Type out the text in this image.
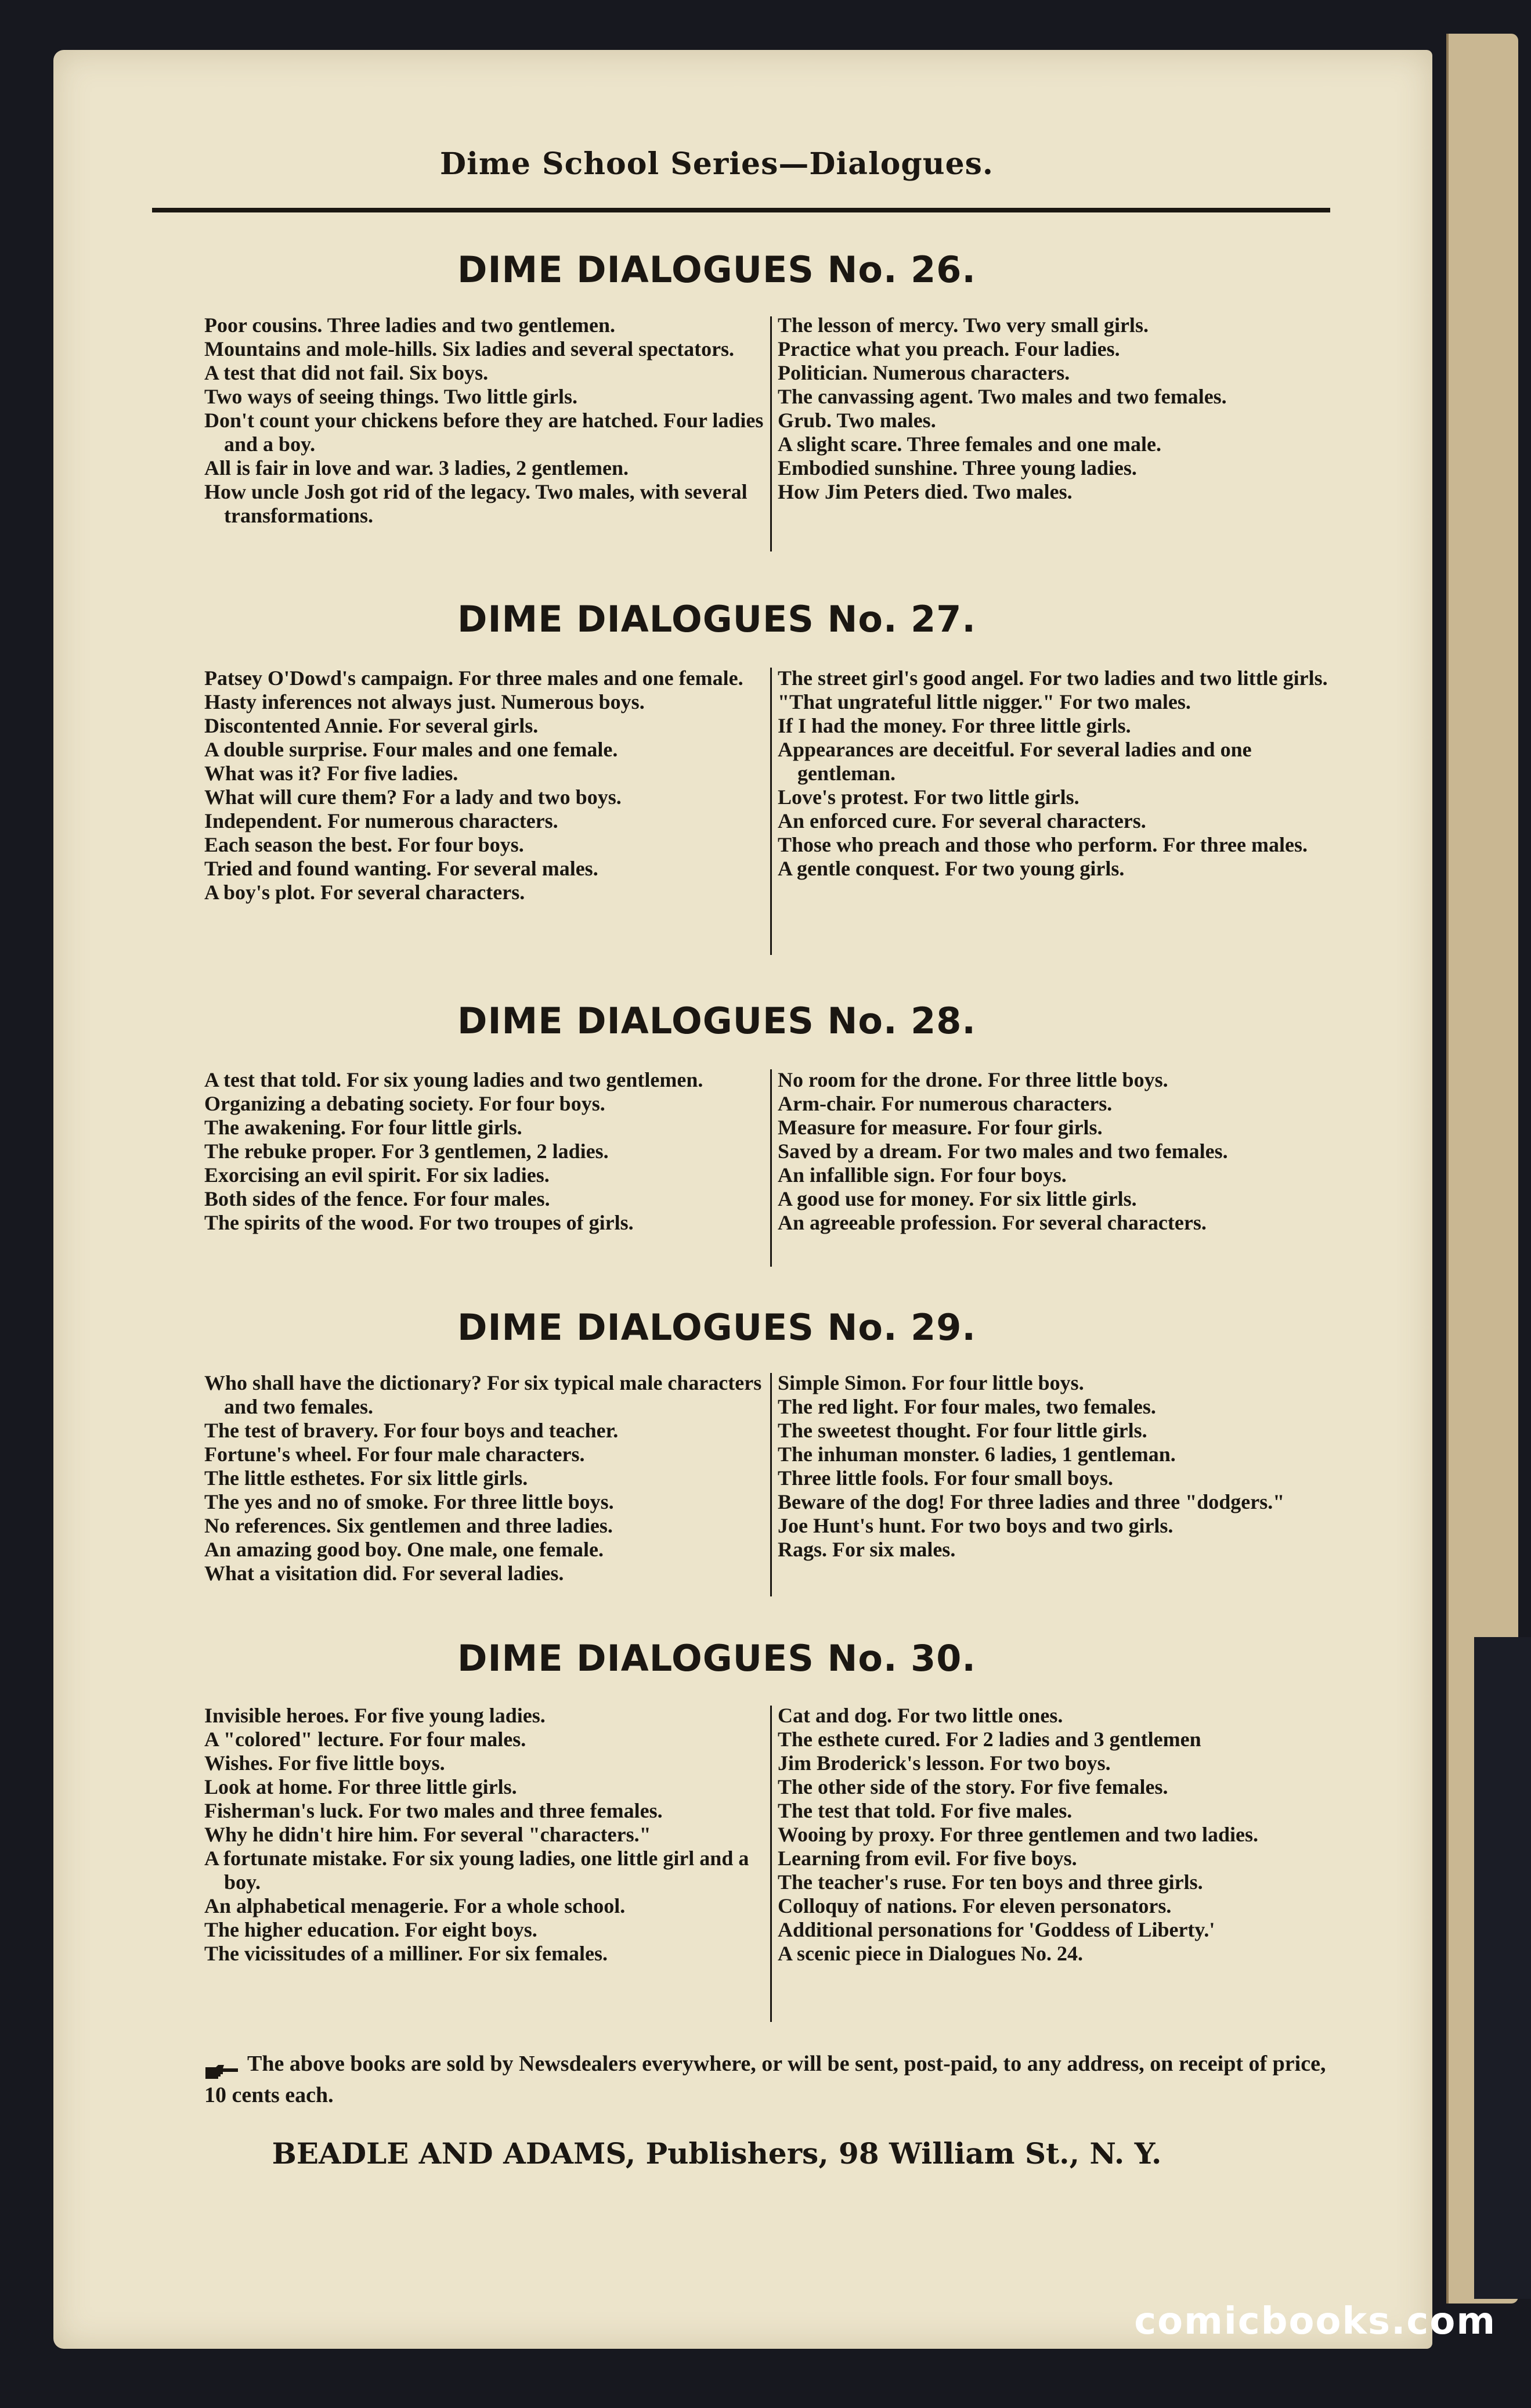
Dime School Series—Dialogues.
DIME DIALOGUES No. 26.
Poor cousins. Three ladies and two gentlemen.
Mountains and mole-hills. Six ladies and several spectators.
A test that did not fail. Six boys.
Two ways of seeing things. Two little girls.
Don't count your chickens before they are hatched. Four ladies and a boy.
All is fair in love and war. 3 ladies, 2 gentlemen.
How uncle Josh got rid of the legacy. Two males, with several transformations.
The lesson of mercy. Two very small girls.
Practice what you preach. Four ladies.
Politician. Numerous characters.
The canvassing agent. Two males and two females.
Grub. Two males.
A slight scare. Three females and one male.
Embodied sunshine. Three young ladies.
How Jim Peters died. Two males.
DIME DIALOGUES No. 27.
Patsey O'Dowd's campaign. For three males and one female.
Hasty inferences not always just. Numerous boys.
Discontented Annie. For several girls.
A double surprise. Four males and one female.
What was it? For five ladies.
What will cure them? For a lady and two boys.
Independent. For numerous characters.
Each season the best. For four boys.
Tried and found wanting. For several males.
A boy's plot. For several characters.
The street girl's good angel. For two ladies and two little girls.
"That ungrateful little nigger." For two males.
If I had the money. For three little girls.
Appearances are deceitful. For several ladies and one gentleman.
Love's protest. For two little girls.
An enforced cure. For several characters.
Those who preach and those who perform. For three males.
A gentle conquest. For two young girls.
DIME DIALOGUES No. 28.
A test that told. For six young ladies and two gentlemen.
Organizing a debating society. For four boys.
The awakening. For four little girls.
The rebuke proper. For 3 gentlemen, 2 ladies.
Exorcising an evil spirit. For six ladies.
Both sides of the fence. For four males.
The spirits of the wood. For two troupes of girls.
No room for the drone. For three little boys.
Arm-chair. For numerous characters.
Measure for measure. For four girls.
Saved by a dream. For two males and two females.
An infallible sign. For four boys.
A good use for money. For six little girls.
An agreeable profession. For several characters.
DIME DIALOGUES No. 29.
Who shall have the dictionary? For six typical male characters and two females.
The test of bravery. For four boys and teacher.
Fortune's wheel. For four male characters.
The little esthetes. For six little girls.
The yes and no of smoke. For three little boys.
No references. Six gentlemen and three ladies.
An amazing good boy. One male, one female.
What a visitation did. For several ladies.
Simple Simon. For four little boys.
The red light. For four males, two females.
The sweetest thought. For four little girls.
The inhuman monster. 6 ladies, 1 gentleman.
Three little fools. For four small boys.
Beware of the dog! For three ladies and three "dodgers."
Joe Hunt's hunt. For two boys and two girls.
Rags. For six males.
DIME DIALOGUES No. 30.
Invisible heroes. For five young ladies.
A "colored" lecture. For four males.
Wishes. For five little boys.
Look at home. For three little girls.
Fisherman's luck. For two males and three females.
Why he didn't hire him. For several "characters."
A fortunate mistake. For six young ladies, one little girl and a boy.
An alphabetical menagerie. For a whole school.
The higher education. For eight boys.
The vicissitudes of a milliner. For six females.
Cat and dog. For two little ones.
The esthete cured. For 2 ladies and 3 gentlemen
Jim Broderick's lesson. For two boys.
The other side of the story. For five females.
The test that told. For five males.
Wooing by proxy. For three gentlemen and two ladies.
Learning from evil. For five boys.
The teacher's ruse. For ten boys and three girls.
Colloquy of nations. For eleven personators.
Additional personations for 'Goddess of Liberty.'
A scenic piece in Dialogues No. 24.
The above books are sold by Newsdealers everywhere, or will be sent, post-paid, to any address, on receipt of price, 10 cents each.
BEADLE AND ADAMS, Publishers, 98 William St., N. Y.
comicbooks.com
